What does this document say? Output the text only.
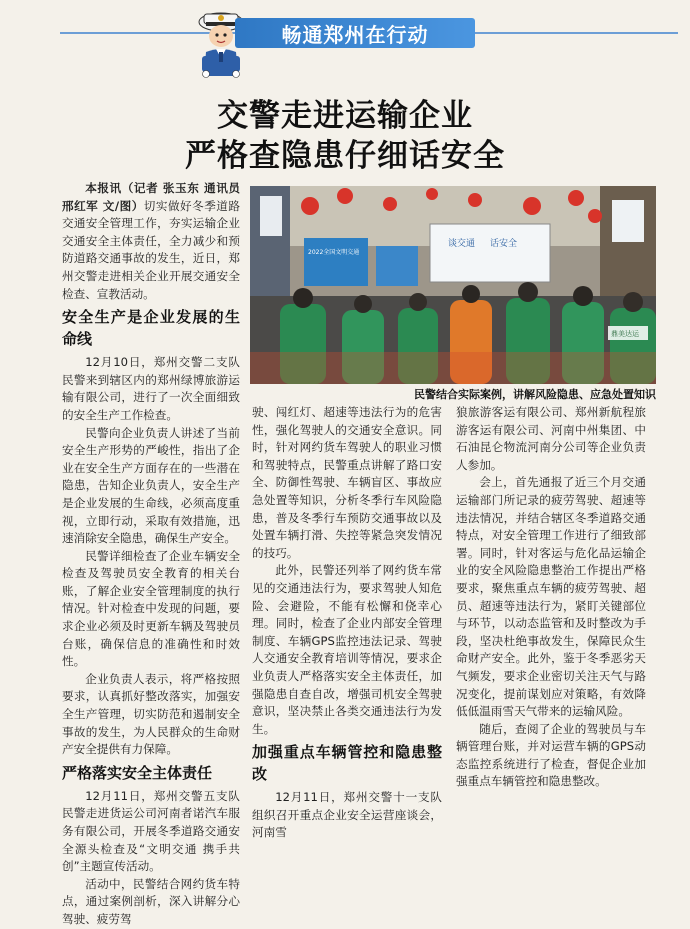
畅通郑州在行动
交警走进运输企业
严格查隐患仔细话安全

本报讯（记者 张玉东 通讯员 邢红军 文/图）切实做好冬季道路交通安全管理工作，夯实运输企业交通安全主体责任，全力减少和预防道路交通事故的发生，近日，郑州交警走进相关企业开展交通安全检查、宣教活动。

安全生产是企业发展的生命线

12月10日，郑州交警二支队民警来到辖区内的郑州绿博旅游运输有限公司，进行了一次全面细致的安全生产工作检查。

民警向企业负责人讲述了当前安全生产形势的严峻性，指出了企业在安全生产方面存在的一些潜在隐患，告知企业负责人，安全生产是企业发展的生命线，必须高度重视，立即行动，采取有效措施，迅速消除安全隐患，确保生产安全。

民警详细检查了企业车辆安全检查及驾驶员安全教育的相关台账，了解企业安全管理制度的执行情况。针对检查中发现的问题，要求企业必须及时更新车辆及驾驶员台账，确保信息的准确性和时效性。

企业负责人表示，将严格按照要求，认真抓好整改落实，加强安全生产管理，切实防范和遏制安全事故的发生，为人民群众的生命财产安全提供有力保障。

严格落实安全主体责任

12月11日，郑州交警五支队民警走进货运公司河南者诺汽车服务有限公司，开展冬季道路交通安全源头检查及“文明交通 携手共创”主题宣传活动。

活动中，民警结合网约货车特点，通过案例剖析，深入讲解分心驾驶、疲劳驾

谈交通 话安全
2022全国文明交通
鼎美达运
民警结合实际案例，讲解风险隐患、应急处置知识

驶、闯红灯、超速等违法行为的危害性，强化驾驶人的交通安全意识。同时，针对网约货车驾驶人的职业习惯和驾驶特点，民警重点讲解了路口安全、防御性驾驶、车辆盲区、事故应急处置等知识，分析冬季行车风险隐患，普及冬季行车预防交通事故以及处置车辆打滑、失控等紧急突发情况的技巧。

此外，民警还列举了网约货车常见的交通违法行为，要求驾驶人知危险、会避险，不能有松懈和侥幸心理。同时，检查了企业内部安全管理制度、车辆GPS监控违法记录、驾驶人交通安全教育培训等情况，要求企业负责人严格落实安全主体责任，加强隐患自查自改，增强司机安全驾驶意识，坚决禁止各类交通违法行为发生。

加强重点车辆管控和隐患整改

12月11日，郑州交警十一支队组织召开重点企业安全运营座谈会，河南雪

狼旅游客运有限公司、郑州新航程旅游客运有限公司、河南中州集团、中石油昆仑物流河南分公司等企业负责人参加。

会上，首先通报了近三个月交通运输部门所记录的疲劳驾驶、超速等违法情况，并结合辖区冬季道路交通特点，对安全管理工作进行了细致部署。同时，针对客运与危化品运输企业的安全风险隐患整治工作提出严格要求，聚焦重点车辆的疲劳驾驶、超员、超速等违法行为，紧盯关键部位与环节，以动态监管和及时整改为手段，坚决杜绝事故发生，保障民众生命财产安全。此外，鉴于冬季恶劣天气频发，要求企业密切关注天气与路况变化，提前谋划应对策略，有效降低低温雨雪天气带来的运输风险。

随后，查阅了企业的驾驶员与车辆管理台账，并对运营车辆的GPS动态监控系统进行了检查，督促企业加强重点车辆管控和隐患整改。
